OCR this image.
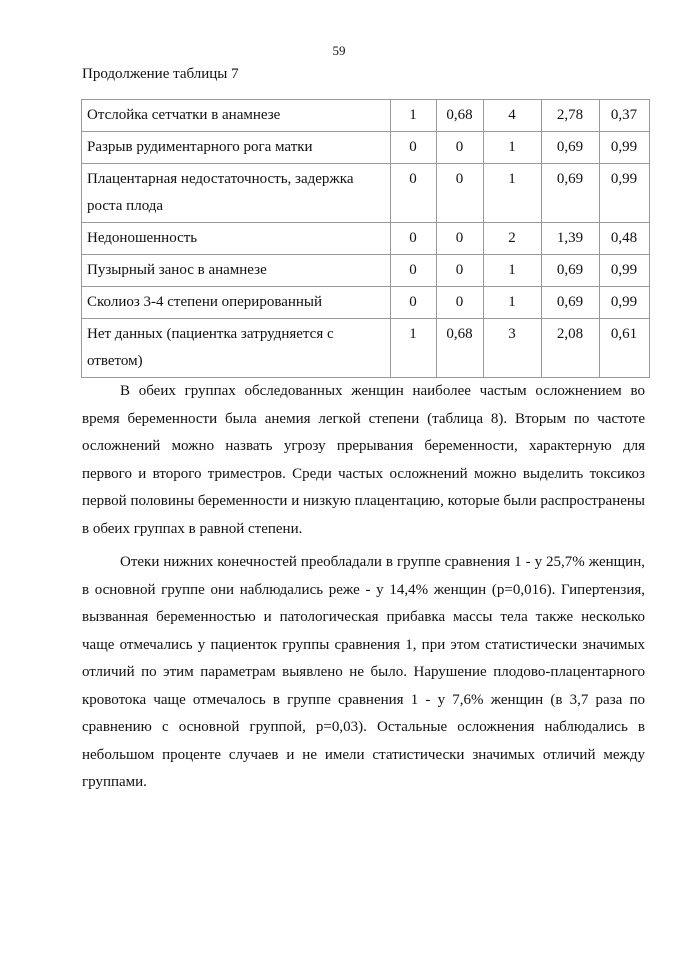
59
Продолжение таблицы 7
Отслойка сетчатки в анамнезе	1	0,68	4	2,78	0,37
Разрыв рудиментарного рога матки	0	0	1	0,69	0,99
Плацентарная недостаточность, задержка роста плода	0	0	1	0,69	0,99
Недоношенность	0	0	2	1,39	0,48
Пузырный занос в анамнезе	0	0	1	0,69	0,99
Сколиоз 3-4 степени оперированный	0	0	1	0,69	0,99
Нет данных (пациентка затрудняется с ответом)	1	0,68	3	2,08	0,61

В обеих группах обследованных женщин наиболее частым осложнением во время беременности была анемия легкой степени (таблица 8). Вторым по частоте осложнений можно назвать угрозу прерывания беременности, характерную для первого и второго триместров. Среди частых осложнений можно выделить токсикоз первой половины беременности и низкую плацентацию, которые были распространены в обеих группах в равной степени.

Отеки нижних конечностей преобладали в группе сравнения 1 - у 25,7% женщин, в основной группе они наблюдались реже - у 14,4% женщин (p=0,016). Гипертензия, вызванная беременностью и патологическая прибавка массы тела также несколько чаще отмечались у пациенток группы сравнения 1, при этом статистически значимых отличий по этим параметрам выявлено не было. Нарушение плодово-плацентарного кровотока чаще отмечалось в группе сравнения 1 - у 7,6% женщин (в 3,7 раза по сравнению с основной группой, p=0,03). Остальные осложнения наблюдались в небольшом проценте случаев и не имели статистически значимых отличий между группами.
